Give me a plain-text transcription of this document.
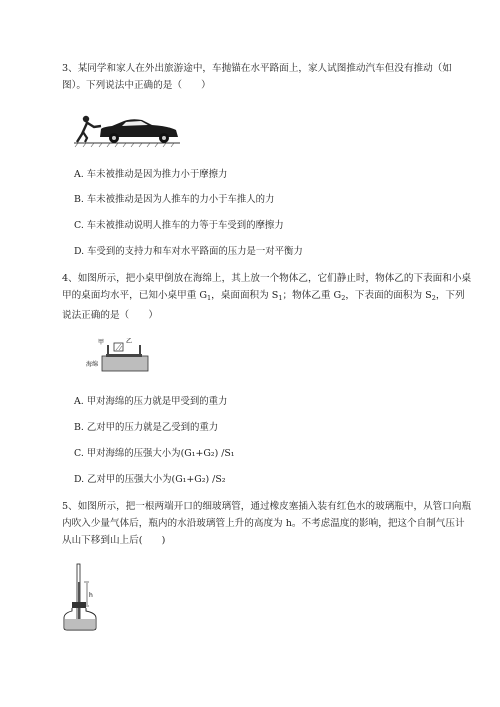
3、某同学和家人在外出旅游途中，车抛锚在水平路面上，家人试图推动汽车但没有推动（如图）。下列说法中正确的是（　　）
A. 车未被推动是因为推力小于摩擦力
B. 车未被推动是因为人推车的力小于车推人的力
C. 车未被推动说明人推车的力等于车受到的摩擦力
D. 车受到的支持力和车对水平路面的压力是一对平衡力
4、如图所示，把小桌甲倒放在海绵上，其上放一个物体乙，它们静止时，物体乙的下表面和小桌甲的桌面均水平，已知小桌甲重 $G_1$，桌面面积为 $S_1$；物体乙重 $G_2$，下表面的面积为 $S_2$，下列说法正确的是（　　）
海绵
甲	乙
A. 甲对海绵的压力就是甲受到的重力
B. 乙对甲的压力就是乙受到的重力
C. 甲对海绵的压强大小为(G₁+G₂) /S₁
D. 乙对甲的压强大小为(G₁+G₂) /S₂
5、如图所示，把一根两端开口的细玻璃管，通过橡皮塞插入装有红色水的玻璃瓶中，从管口向瓶内吹入少量气体后，瓶内的水沿玻璃管上升的高度为 h。不考虑温度的影响，把这个自制气压计从山下移到山上后(　　)
h
